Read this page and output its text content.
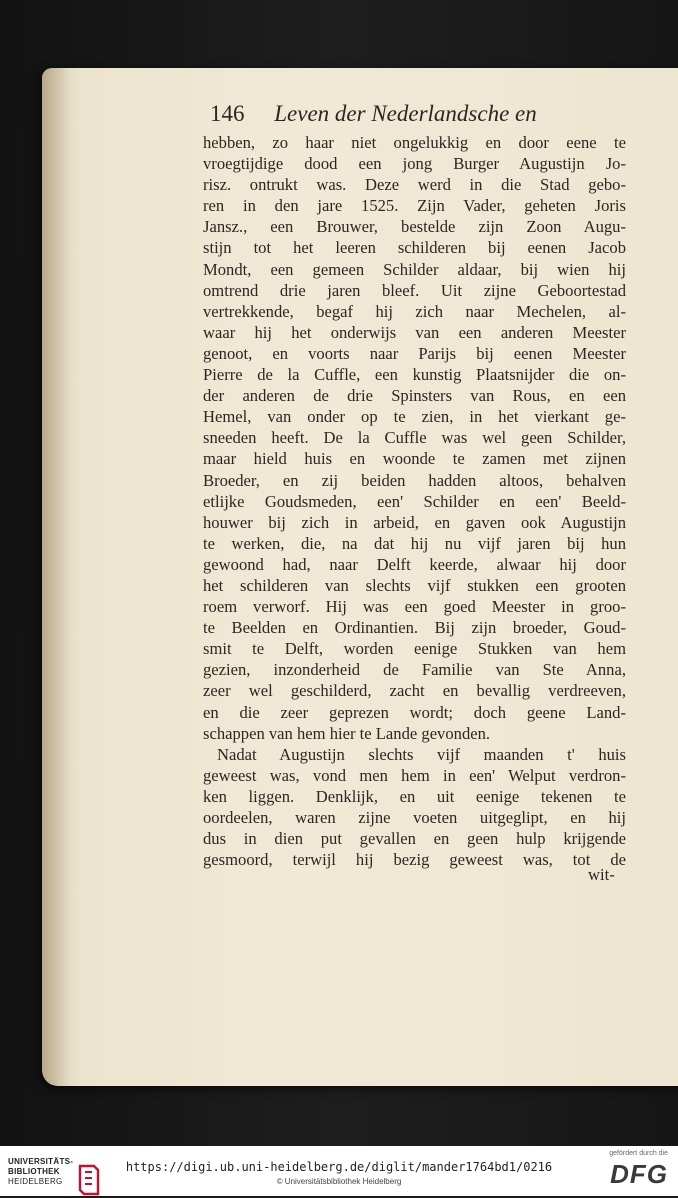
146 Leven der Nederlandsche en
hebben, zo haar niet ongelukkig en door eene te
vroegtijdige dood een jong Burger Augustijn Jo-
risz. ontrukt was. Deze werd in die Stad gebo-
ren in den jare 1525. Zijn Vader, geheten Joris
Jansz., een Brouwer, bestelde zijn Zoon Augu-
stijn tot het leeren schilderen bij eenen Jacob
Mondt, een gemeen Schilder aldaar, bij wien hij
omtrend drie jaren bleef. Uit zijne Geboortestad
vertrekkende, begaf hij zich naar Mechelen, al-
waar hij het onderwijs van een anderen Meester
genoot, en voorts naar Parijs bij eenen Meester
Pierre de la Cuffle, een kunstig Plaatsnijder die on-
der anderen de drie Spinsters van Rous, en een
Hemel, van onder op te zien, in het vierkant ge-
sneeden heeft. De la Cuffle was wel geen Schilder,
maar hield huis en woonde te zamen met zijnen
Broeder, en zij beiden hadden altoos, behalven
etlijke Goudsmeden, een' Schilder en een' Beeld-
houwer bij zich in arbeid, en gaven ook Augustijn
te werken, die, na dat hij nu vijf jaren bij hun
gewoond had, naar Delft keerde, alwaar hij door
het schilderen van slechts vijf stukken een grooten
roem verworf. Hij was een goed Meester in groo-
te Beelden en Ordinantien. Bij zijn broeder, Goud-
smit te Delft, worden eenige Stukken van hem
gezien, inzonderheid de Familie van Ste Anna,
zeer wel geschilderd, zacht en bevallig verdreeven,
en die zeer geprezen wordt; doch geene Land-
schappen van hem hier te Lande gevonden.
Nadat Augustijn slechts vijf maanden t' huis
geweest was, vond men hem in een' Welput verdron-
ken liggen. Denklijk, en uit eenige tekenen te
oordeelen, waren zijne voeten uitgeglipt, en hij
dus in dien put gevallen en geen hulp krijgende
gesmoord, terwijl hij bezig geweest was, tot de
wit-
UNIVERSITÄTS-
BIBLIOTHEK
HEIDELBERG
https://digi.ub.uni-heidelberg.de/diglit/mander1764bd1/0216
© Universitätsbibliothek Heidelberg
gefördert durch die
DFG
